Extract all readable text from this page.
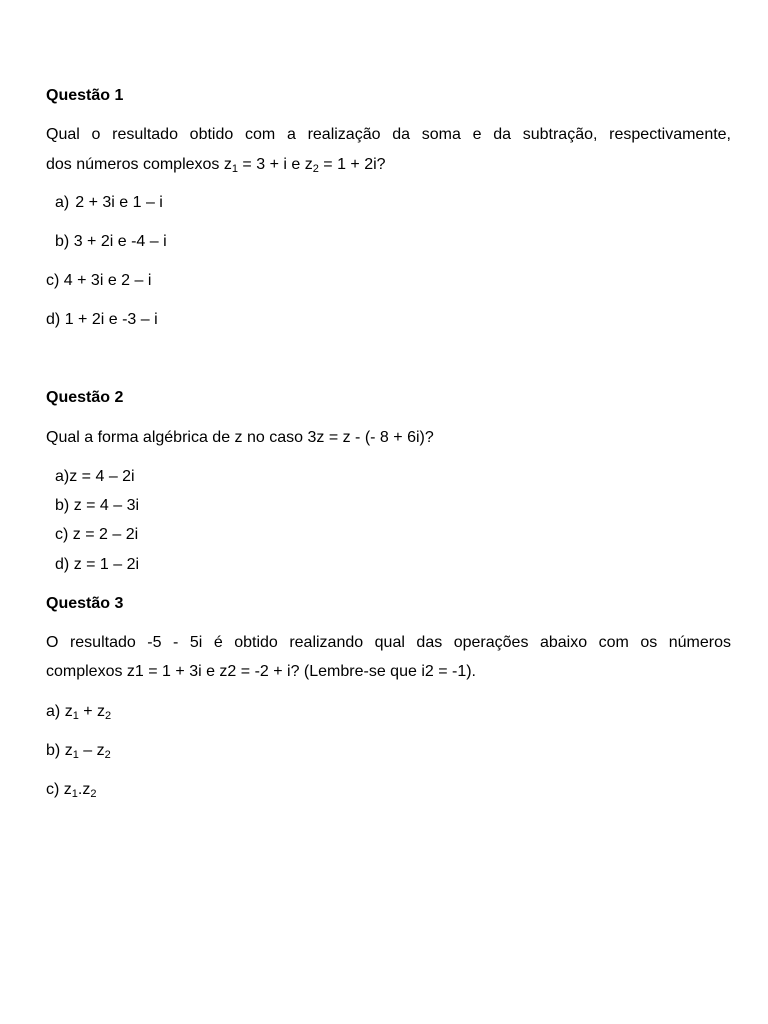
Questão 1
Qual o resultado obtido com a realização da soma e da subtração, respectivamente,
dos números complexos $z_1 = 3 + i$ e $z_2 = 1 + 2i$?
a) 2 + 3i e 1 – i
b) 3 + 2i e -4 – i
c) 4 + 3i e 2 – i
d) 1 + 2i e -3 – i
Questão 2
Qual a forma algébrica de z no caso 3z = z - (- 8 + 6i)?
a)z = 4 – 2i
b) z = 4 – 3i
c) z = 2 – 2i
d) z = 1 – 2i
Questão 3
O resultado -5 - 5i é obtido realizando qual das operações abaixo com os números
complexos z1 = 1 + 3i e z2 = -2 + i? (Lembre-se que i2 = -1).
a) $z_1 + z_2$
b) $z_1 - z_2$
c) $z_1.z_2$
